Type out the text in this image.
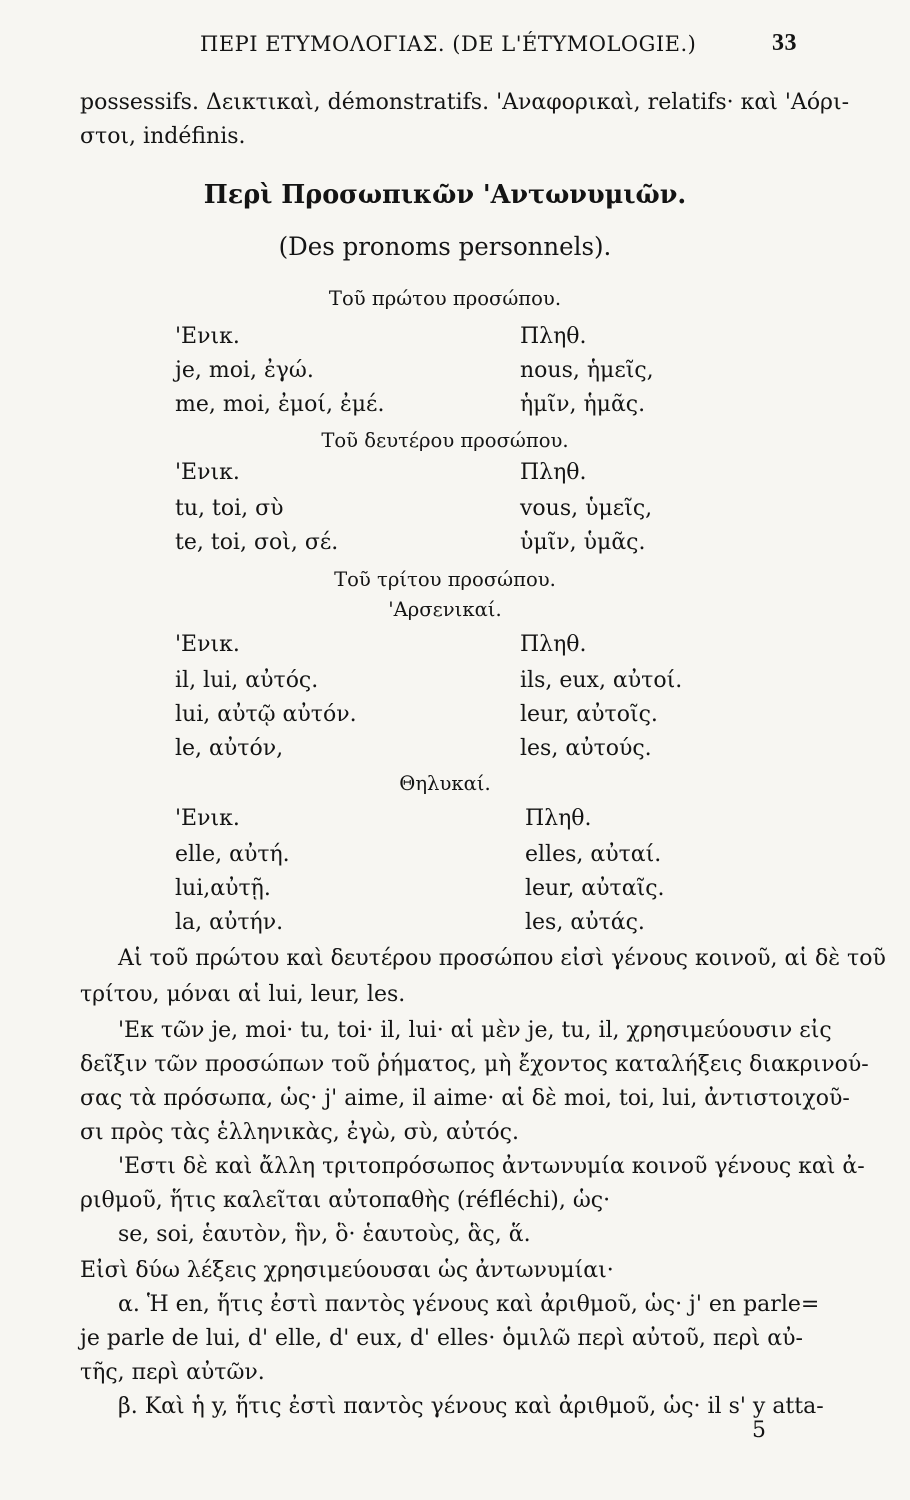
ΠΕΡΙ ΕΤΥΜΟΛΟΓΙΑΣ. (DE L'ÉTYMOLOGIE.)	33
possessifs. Δεικτικαὶ, démonstratifs. 'Αναφορικαὶ, relatifs· καὶ 'Αόρι-
στοι, indéfinis.
Περὶ Προσωπικῶν 'Αντωνυμιῶν.
(Des pronoms personnels).
Τοῦ πρώτου προσώπου.
'Ενικ.	Πληθ.
je, moi, ἐγώ.	nous, ἡμεῖς,
me, moi, ἐμοί, ἐμέ.	ἡμῖν, ἡμᾶς.
Τοῦ δευτέρου προσώπου.
'Ενικ.	Πληθ.
tu, toi, σὺ	vous, ὑμεῖς,
te, toi, σοὶ, σέ.	ὑμῖν, ὑμᾶς.
Τοῦ τρίτου προσώπου.
'Αρσενικαί.
'Ενικ.	Πληθ.
il, lui, αὐτός.	ils, eux, αὐτοί.
lui, αὐτῷ αὐτόν.	leur, αὐτοῖς.
le, αὐτόν,	les, αὐτούς.
Θηλυκαί.
'Ενικ.	Πληθ.
elle, αὐτή.	elles, αὐταί.
lui,αὐτῇ.	leur, αὐταῖς.
la, αὐτήν.	les, αὐτάς.
Αἱ τοῦ πρώτου καὶ δευτέρου προσώπου εἰσὶ γένους κοινοῦ, αἱ δὲ τοῦ
τρίτου, μόναι αἱ lui, leur, les.
'Εκ τῶν je, moi· tu, toi· il, lui· αἱ μὲν je, tu, il, χρησιμεύουσιν εἰς
δεῖξιν τῶν προσώπων τοῦ ῥήματος, μὴ ἔχοντος καταλήξεις διακρινού-
σας τὰ πρόσωπα, ὡς· j' aime, il aime· αἱ δὲ moi, toi, lui, ἀντιστοιχοῦ-
σι πρὸς τὰς ἑλληνικὰς, ἐγὼ, σὺ, αὐτός.
'Εστι δὲ καὶ ἄλλη τριτοπρόσωπος ἀντωνυμία κοινοῦ γένους καὶ ἀ-
ριθμοῦ, ἥτις καλεῖται αὐτοπαθὴς (réfléchi), ὡς·
se, soi, ἑαυτὸν, ἣν, ὃ· ἑαυτοὺς, ἃς, ἅ.
Εἰσὶ δύω λέξεις χρησιμεύουσαι ὡς ἀντωνυμίαι·
α. Ἡ en, ἥτις ἐστὶ παντὸς γένους καὶ ἀριθμοῦ, ὡς· j' en parle=
je parle de lui, d' elle, d' eux, d' elles· ὁμιλῶ περὶ αὐτοῦ, περὶ αὐ-
τῆς, περὶ αὐτῶν.
β. Καὶ ἡ y, ἥτις ἐστὶ παντὸς γένους καὶ ἀριθμοῦ, ὡς· il s' y atta-
5
